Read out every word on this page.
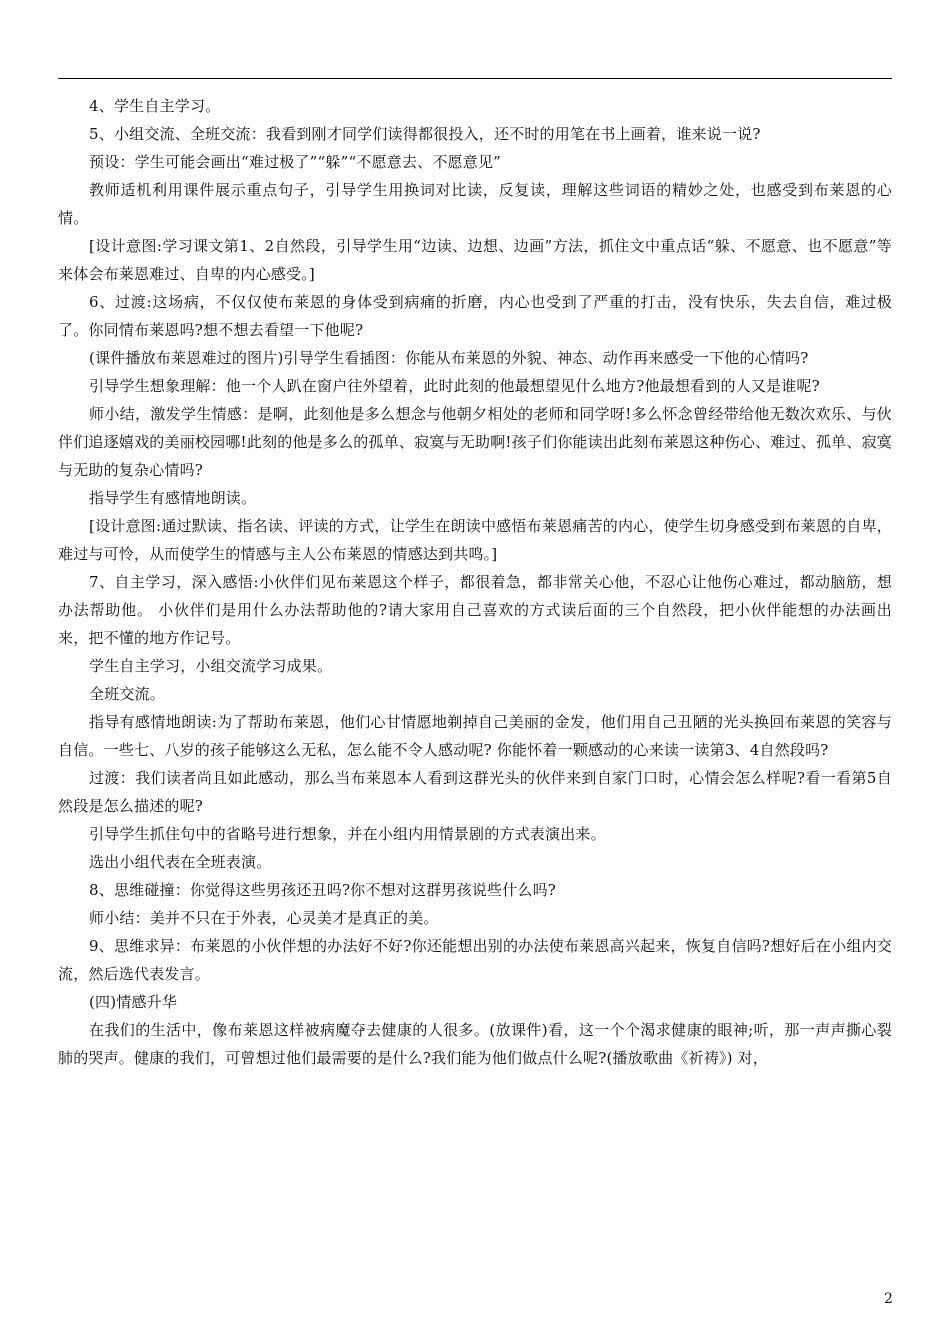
4、学生自主学习。

5、小组交流、全班交流：我看到刚才同学们读得都很投入，还不时的用笔在书上画着，谁来说一说?

预设：学生可能会画出“难过极了”“躲”“不愿意去、不愿意见”

教师适机利用课件展示重点句子，引导学生用换词对比读，反复读，理解这些词语的精妙之处，也感受到布莱恩的心情。

[设计意图:学习课文第1、2自然段，引导学生用“边读、边想、边画”方法，抓住文中重点话“躲、不愿意、也不愿意”等来体会布莱恩难过、自卑的内心感受。]

6、过渡:这场病，不仅仅使布莱恩的身体受到病痛的折磨，内心也受到了严重的打击，没有快乐，失去自信，难过极了。你同情布莱恩吗?想不想去看望一下他呢?

(课件播放布莱恩难过的图片)引导学生看插图：你能从布莱恩的外貌、神态、动作再来感受一下他的心情吗?

引导学生想象理解：他一个人趴在窗户往外望着，此时此刻的他最想望见什么地方?他最想看到的人又是谁呢?

师小结，激发学生情感：是啊，此刻他是多么想念与他朝夕相处的老师和同学呀!多么怀念曾经带给他无数次欢乐、与伙伴们追逐嬉戏的美丽校园哪!此刻的他是多么的孤单、寂寞与无助啊!孩子们你能读出此刻布莱恩这种伤心、难过、孤单、寂寞与无助的复杂心情吗?

指导学生有感情地朗读。

[设计意图:通过默读、指名读、评读的方式，让学生在朗读中感悟布莱恩痛苦的内心，使学生切身感受到布莱恩的自卑，难过与可怜，从而使学生的情感与主人公布莱恩的情感达到共鸣。]

7、自主学习，深入感悟:小伙伴们见布莱恩这个样子，都很着急，都非常关心他，不忍心让他伤心难过，都动脑筋，想办法帮助他。 小伙伴们是用什么办法帮助他的?请大家用自己喜欢的方式读后面的三个自然段，把小伙伴能想的办法画出来，把不懂的地方作记号。

学生自主学习，小组交流学习成果。

全班交流。

指导有感情地朗读:为了帮助布莱恩，他们心甘情愿地剃掉自己美丽的金发，他们用自己丑陋的光头换回布莱恩的笑容与自信。一些七、八岁的孩子能够这么无私，怎么能不令人感动呢? 你能怀着一颗感动的心来读一读第3、4自然段吗?

过渡：我们读者尚且如此感动，那么当布莱恩本人看到这群光头的伙伴来到自家门口时，心情会怎么样呢?看一看第5自然段是怎么描述的呢?

引导学生抓住句中的省略号进行想象，并在小组内用情景剧的方式表演出来。

选出小组代表在全班表演。

8、思维碰撞：你觉得这些男孩还丑吗?你不想对这群男孩说些什么吗?

师小结：美并不只在于外表，心灵美才是真正的美。

9、思维求异：布莱恩的小伙伴想的办法好不好?你还能想出别的办法使布莱恩高兴起来，恢复自信吗?想好后在小组内交流，然后选代表发言。

(四)情感升华

在我们的生活中，像布莱恩这样被病魔夺去健康的人很多。(放课件)看，这一个个渴求健康的眼神;听，那一声声撕心裂肺的哭声。健康的我们，可曾想过他们最需要的是什么?我们能为他们做点什么呢?(播放歌曲《祈祷》) 对，

2
